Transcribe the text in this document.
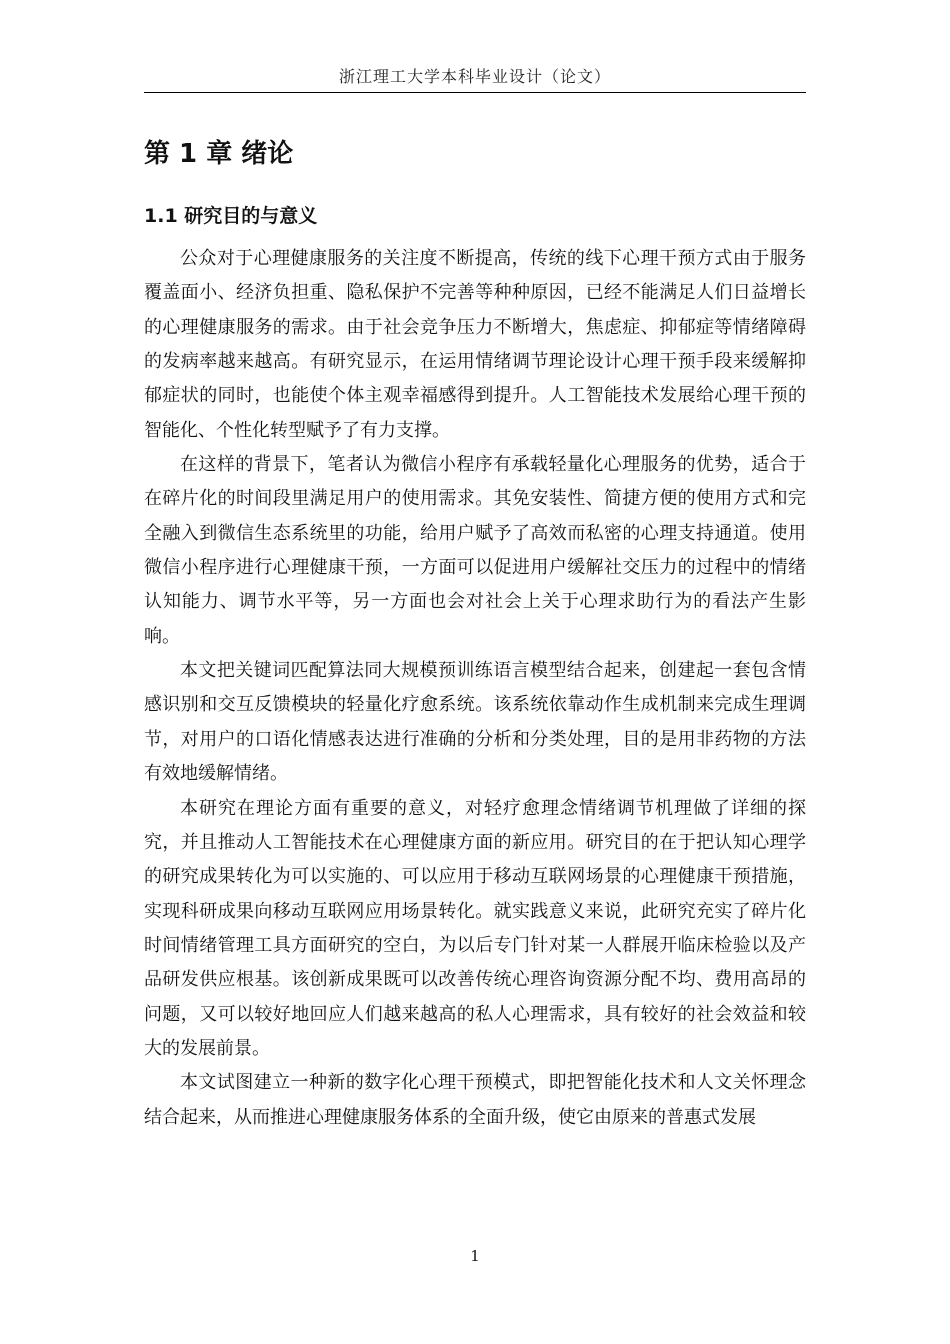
浙江理工大学本科毕业设计（论文）
第 1 章 绪论
1.1 研究目的与意义

公众对于心理健康服务的关注度不断提高，传统的线下心理干预方式由于服务覆盖面小、经济负担重、隐私保护不完善等种种原因，已经不能满足人们日益增长的心理健康服务的需求。由于社会竞争压力不断增大，焦虑症、抑郁症等情绪障碍的发病率越来越高。有研究显示，在运用情绪调节理论设计心理干预手段来缓解抑郁症状的同时，也能使个体主观幸福感得到提升。人工智能技术发展给心理干预的智能化、个性化转型赋予了有力支撑。

在这样的背景下，笔者认为微信小程序有承载轻量化心理服务的优势，适合于在碎片化的时间段里满足用户的使用需求。其免安装性、简捷方便的使用方式和完全融入到微信生态系统里的功能，给用户赋予了高效而私密的心理支持通道。使用微信小程序进行心理健康干预，一方面可以促进用户缓解社交压力的过程中的情绪认知能力、调节水平等，另一方面也会对社会上关于心理求助行为的看法产生影响。

本文把关键词匹配算法同大规模预训练语言模型结合起来，创建起一套包含情感识别和交互反馈模块的轻量化疗愈系统。该系统依靠动作生成机制来完成生理调节，对用户的口语化情感表达进行准确的分析和分类处理，目的是用非药物的方法有效地缓解情绪。

本研究在理论方面有重要的意义，对轻疗愈理念情绪调节机理做了详细的探究，并且推动人工智能技术在心理健康方面的新应用。研究目的在于把认知心理学的研究成果转化为可以实施的、可以应用于移动互联网场景的心理健康干预措施，实现科研成果向移动互联网应用场景转化。就实践意义来说，此研究充实了碎片化时间情绪管理工具方面研究的空白，为以后专门针对某一人群展开临床检验以及产品研发供应根基。该创新成果既可以改善传统心理咨询资源分配不均、费用高昂的问题，又可以较好地回应人们越来越高的私人心理需求，具有较好的社会效益和较大的发展前景。

本文试图建立一种新的数字化心理干预模式，即把智能化技术和人文关怀理念结合起来，从而推进心理健康服务体系的全面升级，使它由原来的普惠式发展

1
